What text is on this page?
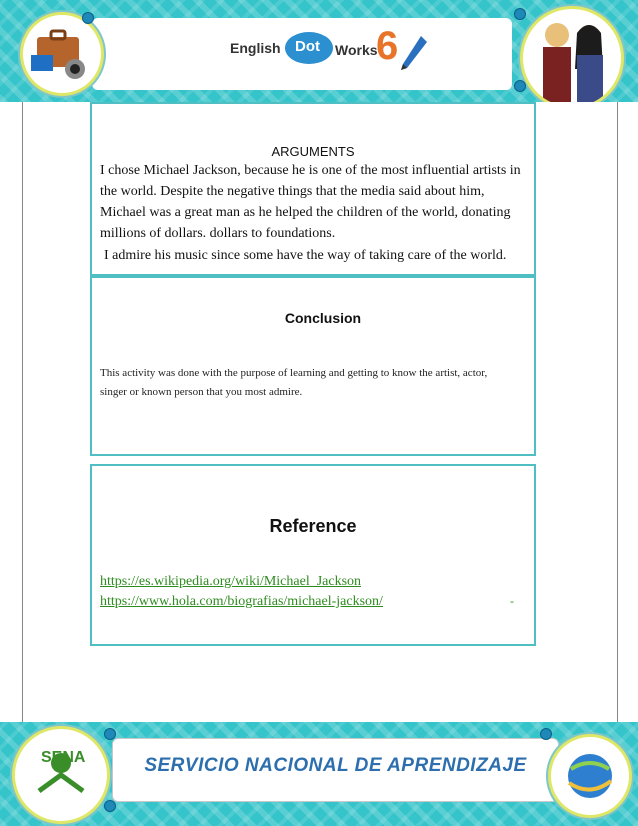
English Dot Works
6
ARGUMENTS
I chose Michael Jackson, because he is one of the most influential artists in the world. Despite the negative things that the media said about him, Michael was a great man as he helped the children of the world, donating millions of dollars. dollars to foundations.
I admire his music since some have the way of taking care of the world.
Conclusion
This activity was done with the purpose of learning and getting to know the artist, actor, singer or known person that you most admire.
Reference
https://es.wikipedia.org/wiki/Michael_Jackson
https://www.hola.com/biografias/michael-jackson/	-
SERVICIO NACIONAL DE APRENDIZAJE
SENA
